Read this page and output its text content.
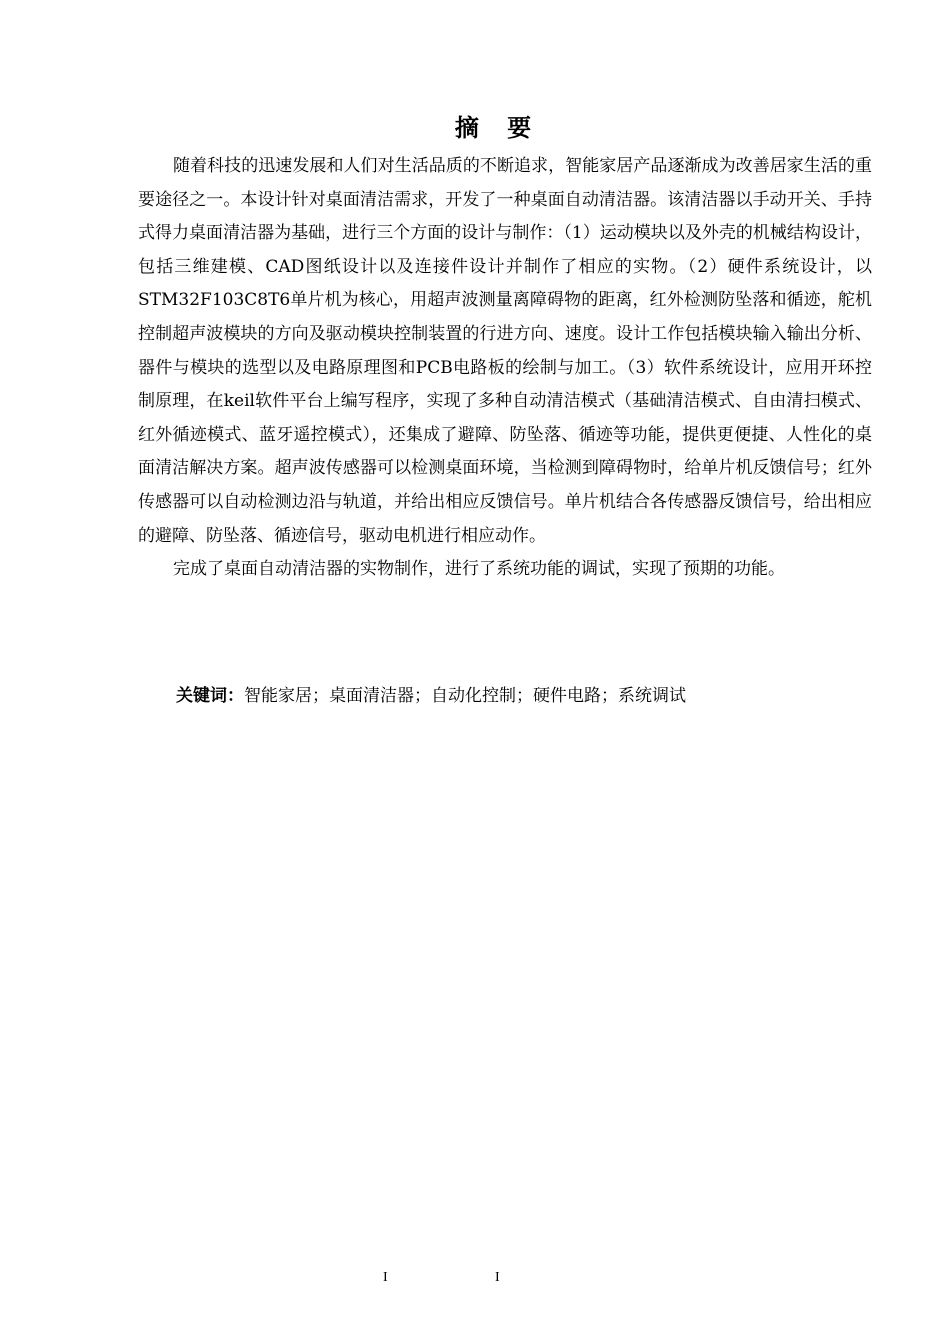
摘 要

随着科技的迅速发展和人们对生活品质的不断追求，智能家居产品逐渐成为改善居家生活的重要途径之一。本设计针对桌面清洁需求，开发了一种桌面自动清洁器。该清洁器以手动开关、手持式得力桌面清洁器为基础，进行三个方面的设计与制作：（1）运动模块以及外壳的机械结构设计，包括三维建模、CAD图纸设计以及连接件设计并制作了相应的实物。（2）硬件系统设计，以STM32F103C8T6单片机为核心，用超声波测量离障碍物的距离，红外检测防坠落和循迹，舵机控制超声波模块的方向及驱动模块控制装置的行进方向、速度。设计工作包括模块输入输出分析、器件与模块的选型以及电路原理图和PCB电路板的绘制与加工。（3）软件系统设计，应用开环控制原理，在keil软件平台上编写程序，实现了多种自动清洁模式（基础清洁模式、自由清扫模式、红外循迹模式、蓝牙遥控模式），还集成了避障、防坠落、循迹等功能，提供更便捷、人性化的桌面清洁解决方案。超声波传感器可以检测桌面环境，当检测到障碍物时，给单片机反馈信号；红外传感器可以自动检测边沿与轨道，并给出相应反馈信号。单片机结合各传感器反馈信号，给出相应的避障、防坠落、循迹信号，驱动电机进行相应动作。

完成了桌面自动清洁器的实物制作，进行了系统功能的调试，实现了预期的功能。

关键词：智能家居；桌面清洁器；自动化控制；硬件电路；系统调试
I	I
